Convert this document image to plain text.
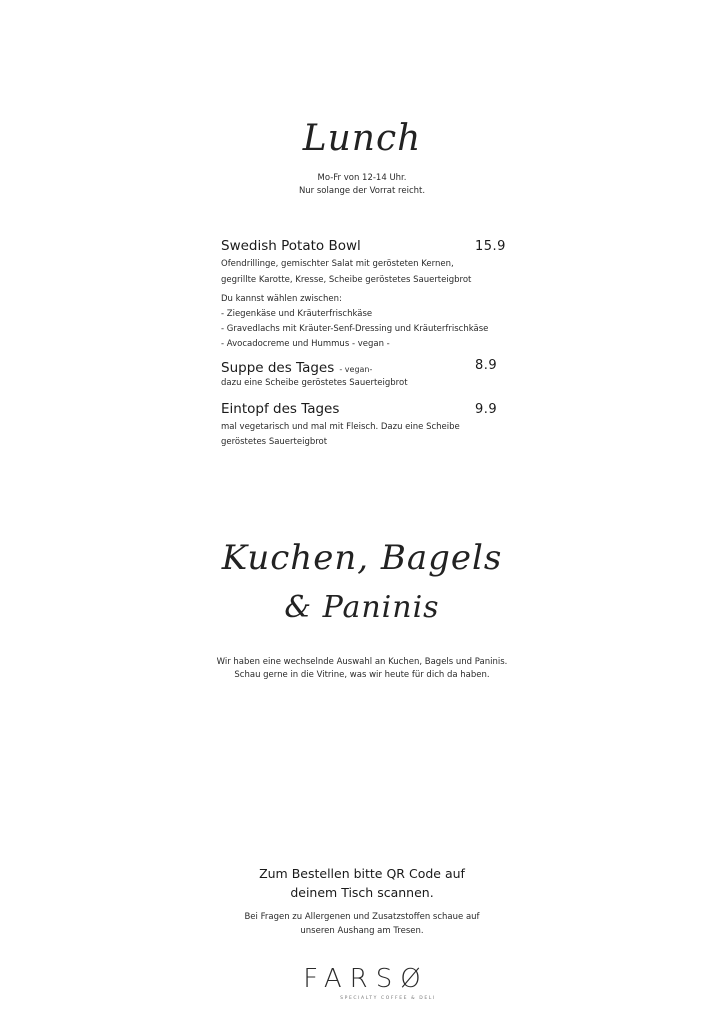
Lunch
Mo-Fr von 12-14 Uhr.
Nur solange der Vorrat reicht.
Swedish Potato Bowl	15.9
Ofendrillinge, gemischter Salat mit gerösteten Kernen,
gegrillte Karotte, Kresse, Scheibe geröstetes Sauerteigbrot
Du kannst wählen zwischen:
- Ziegenkäse und Kräuterfrischkäse
- Gravedlachs mit Kräuter-Senf-Dressing und Kräuterfrischkäse
- Avocadocreme und Hummus - vegan -
Suppe des Tages - vegan-	8.9
dazu eine Scheibe geröstetes Sauerteigbrot
Eintopf des Tages	9.9
mal vegetarisch und mal mit Fleisch. Dazu eine Scheibe
geröstetes Sauerteigbrot
Kuchen, Bagels
& Paninis
Wir haben eine wechselnde Auswahl an Kuchen, Bagels und Paninis.
Schau gerne in die Vitrine, was wir heute für dich da haben.
Zum Bestellen bitte QR Code auf
deinem Tisch scannen.
Bei Fragen zu Allergenen und Zusatzstoffen schaue auf
unseren Aushang am Tresen.
FARSØ
SPECIALTY COFFEE & DELI
